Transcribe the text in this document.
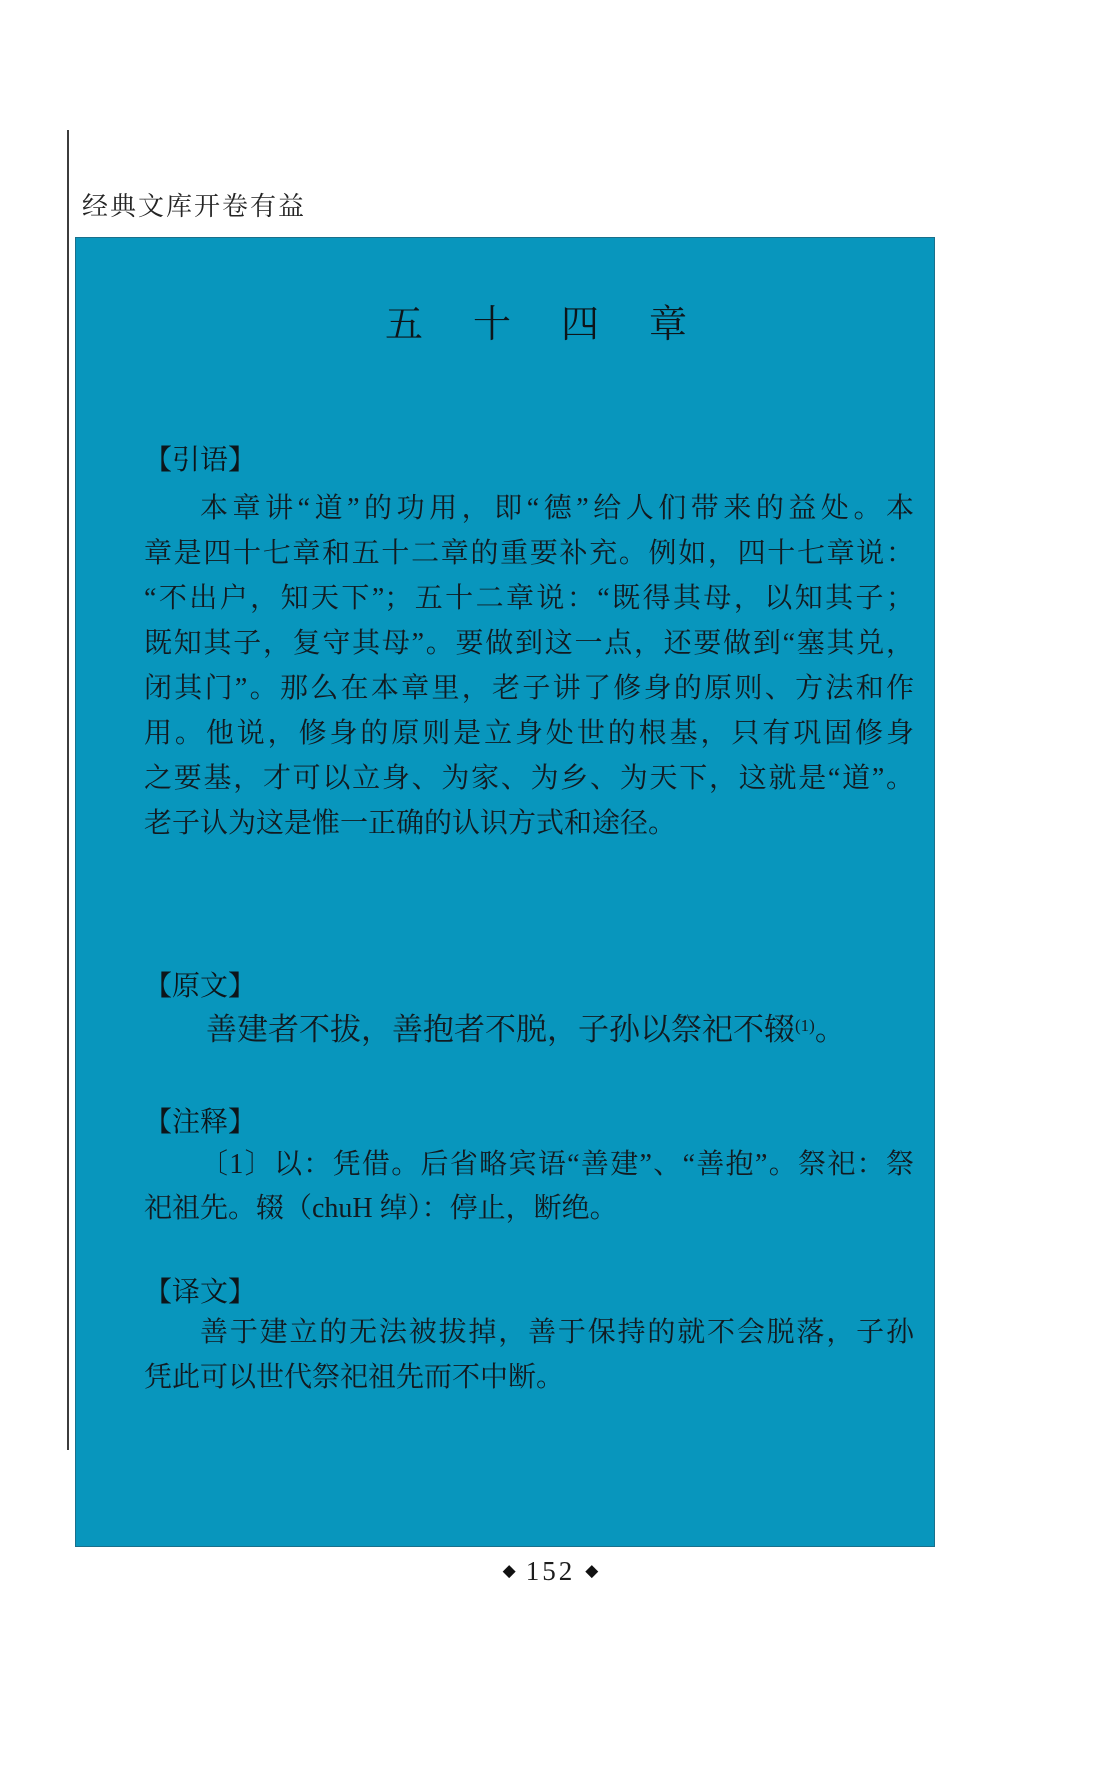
经典文库开卷有益
五　十　四　章
【引语】
本章讲“道”的功用，即“德”给人们带来的益处。本
章是四十七章和五十二章的重要补充。例如，四十七章说：
“不出户，知天下”；五十二章说：“既得其母，以知其子；
既知其子，复守其母”。要做到这一点，还要做到“塞其兑，
闭其门”。那么在本章里，老子讲了修身的原则、方法和作
用。他说，修身的原则是立身处世的根基，只有巩固修身
之要基，才可以立身、为家、为乡、为天下，这就是“道”。
老子认为这是惟一正确的认识方式和途径。
【原文】
善建者不拔，善抱者不脱，子孙以祭祀不辍$^{(1)}$。
【注释】
〔1〕以：凭借。后省略宾语“善建”、“善抱”。祭祀：祭
祀祖先。辍（chuH 绰）：停止，断绝。
【译文】
善于建立的无法被拔掉，善于保持的就不会脱落，子孙
凭此可以世代祭祀祖先而不中断。
◆ 152 ◆
